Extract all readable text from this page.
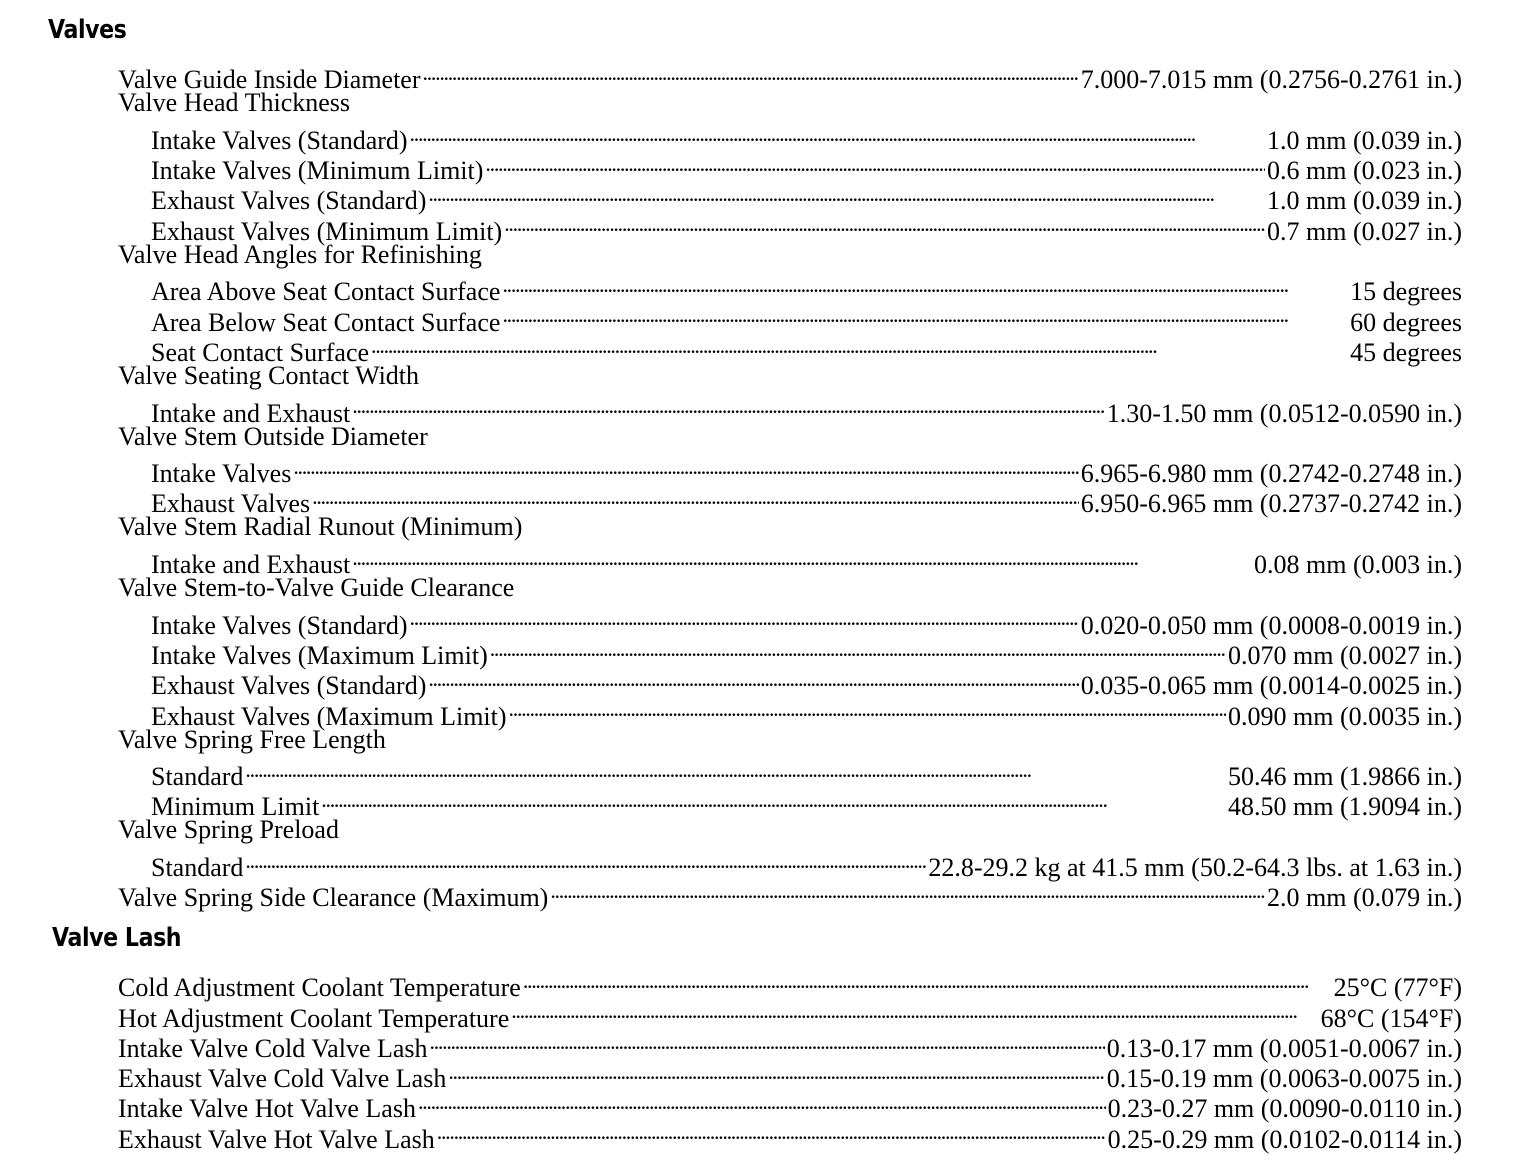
Valves
Valve Guide Inside Diameter . . .	7.000-7.015 mm (0.2756-0.2761 in.)
Valve Head Thickness
Intake Valves (Standard) . . .	1.0 mm (0.039 in.)
Intake Valves (Minimum Limit) . . .	0.6 mm (0.023 in.)
Exhaust Valves (Standard) . . .	1.0 mm (0.039 in.)
Exhaust Valves (Minimum Limit) . . .	0.7 mm (0.027 in.)
Valve Head Angles for Refinishing
Area Above Seat Contact Surface . . .	15 degrees
Area Below Seat Contact Surface . . .	60 degrees
Seat Contact Surface . . .	45 degrees
Valve Seating Contact Width
Intake and Exhaust . . .	1.30-1.50 mm (0.0512-0.0590 in.)
Valve Stem Outside Diameter
Intake Valves . . .	6.965-6.980 mm (0.2742-0.2748 in.)
Exhaust Valves . . .	6.950-6.965 mm (0.2737-0.2742 in.)
Valve Stem Radial Runout (Minimum)
Intake and Exhaust . . .	0.08 mm (0.003 in.)
Valve Stem-to-Valve Guide Clearance
Intake Valves (Standard) . . .	0.020-0.050 mm (0.0008-0.0019 in.)
Intake Valves (Maximum Limit) . . .	0.070 mm (0.0027 in.)
Exhaust Valves (Standard) . . .	0.035-0.065 mm (0.0014-0.0025 in.)
Exhaust Valves (Maximum Limit) . . .	0.090 mm (0.0035 in.)
Valve Spring Free Length
Standard . . .	50.46 mm (1.9866 in.)
Minimum Limit . . .	48.50 mm (1.9094 in.)
Valve Spring Preload
Standard . . .	22.8-29.2 kg at 41.5 mm (50.2-64.3 lbs. at 1.63 in.)
Valve Spring Side Clearance (Maximum) . . .	2.0 mm (0.079 in.)
Valve Lash
Cold Adjustment Coolant Temperature . . .	25°C (77°F)
Hot Adjustment Coolant Temperature . . .	68°C (154°F)
Intake Valve Cold Valve Lash . . .	0.13-0.17 mm (0.0051-0.0067 in.)
Exhaust Valve Cold Valve Lash . . .	0.15-0.19 mm (0.0063-0.0075 in.)
Intake Valve Hot Valve Lash . . .	0.23-0.27 mm (0.0090-0.0110 in.)
Exhaust Valve Hot Valve Lash . . .	0.25-0.29 mm (0.0102-0.0114 in.)
